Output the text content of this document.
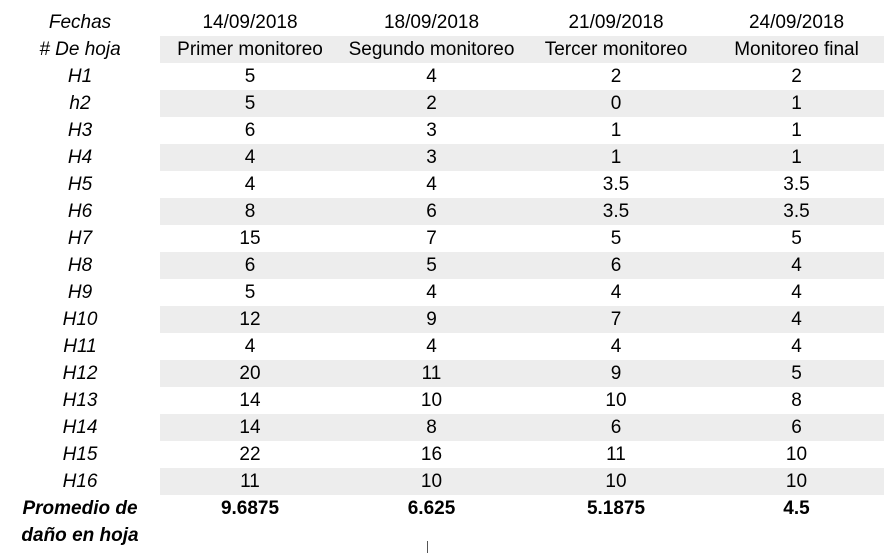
Fechas	14/09/2018	18/09/2018	21/09/2018	24/09/2018
# De hoja	Primer monitoreo	Segundo monitoreo	Tercer monitoreo	Monitoreo final
H1	5	4	2	2
h2	5	2	0	1
H3	6	3	1	1
H4	4	3	1	1
H5	4	4	3.5	3.5
H6	8	6	3.5	3.5
H7	15	7	5	5
H8	6	5	6	4
H9	5	4	4	4
H10	12	9	7	4
H11	4	4	4	4
H12	20	11	9	5
H13	14	10	10	8
H14	14	8	6	6
H15	22	16	11	10
H16	11	10	10	10

Promedio de
daño en hoja	9.6875	6.625	5.1875	4.5
